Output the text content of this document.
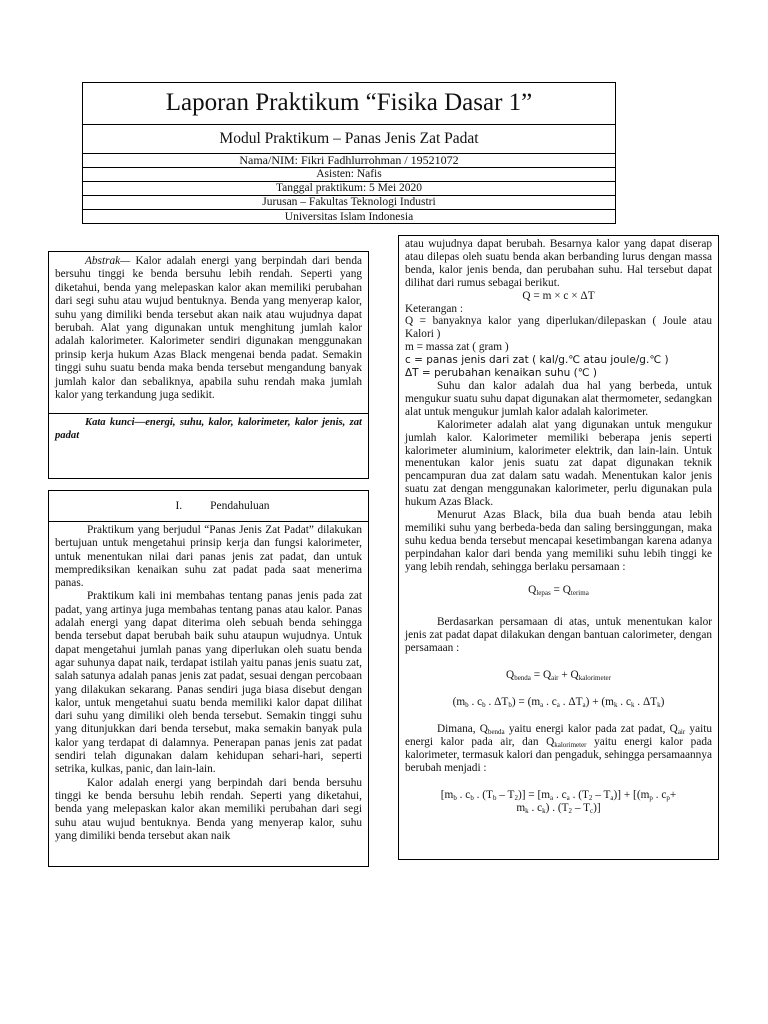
Laporan Praktikum “Fisika Dasar 1”
Modul Praktikum – Panas Jenis Zat Padat
Nama/NIM: Fikri Fadhlurrohman / 19521072
Asisten: Nafis
Tanggal praktikum: 5 Mei 2020
Jurusan – Fakultas Teknologi Industri
Universitas Islam Indonesia
Abstrak— Kalor adalah energi yang berpindah dari benda bersuhu tinggi ke benda bersuhu lebih rendah. Seperti yang diketahui, benda yang melepaskan kalor akan memiliki perubahan dari segi suhu atau wujud bentuknya. Benda yang menyerap kalor, suhu yang dimiliki benda tersebut akan naik atau wujudnya dapat berubah. Alat yang digunakan untuk menghitung jumlah kalor adalah kalorimeter. Kalorimeter sendiri digunakan menggunakan prinsip kerja hukum Azas Black mengenai benda padat. Semakin tinggi suhu suatu benda maka benda tersebut mengandung banyak jumlah kalor dan sebaliknya, apabila suhu rendah maka jumlah kalor yang terkandung juga sedikit.
Kata kunci—energi, suhu, kalor, kalorimeter, kalor jenis, zat padat
I. Pendahuluan

Praktikum yang berjudul “Panas Jenis Zat Padat” dilakukan bertujuan untuk mengetahui prinsip kerja dan fungsi kalorimeter, untuk menentukan nilai dari panas jenis zat padat, dan untuk memprediksikan kenaikan suhu zat padat pada saat menerima panas.

Praktikum kali ini membahas tentang panas jenis pada zat padat, yang artinya juga membahas tentang panas atau kalor. Panas adalah energi yang dapat diterima oleh sebuah benda sehingga benda tersebut dapat berubah baik suhu ataupun wujudnya. Untuk dapat mengetahui jumlah panas yang diperlukan oleh suatu benda agar suhunya dapat naik, terdapat istilah yaitu panas jenis suatu zat, salah satunya adalah panas jenis zat padat, sesuai dengan percobaan yang dilakukan sekarang. Panas sendiri juga biasa disebut dengan kalor, untuk mengetahui suatu benda memiliki kalor dapat dilihat dari suhu yang dimiliki oleh benda tersebut. Semakin tinggi suhu yang ditunjukkan dari benda tersebut, maka semakin banyak pula kalor yang terdapat di dalamnya. Penerapan panas jenis zat padat sendiri telah digunakan dalam kehidupan sehari-hari, seperti setrika, kulkas, panic, dan lain-lain.

Kalor adalah energi yang berpindah dari benda bersuhu tinggi ke benda bersuhu lebih rendah. Seperti yang diketahui, benda yang melepaskan kalor akan memiliki perubahan dari segi suhu atau wujud bentuknya. Benda yang menyerap kalor, suhu yang dimiliki benda tersebut akan naik

atau wujudnya dapat berubah. Besarnya kalor yang dapat diserap atau dilepas oleh suatu benda akan berbanding lurus dengan massa benda, kalor jenis benda, dan perubahan suhu. Hal tersebut dapat dilihat dari rumus sebagai berikut.

Q = m × c × ΔT

Keterangan :

Q = banyaknya kalor yang diperlukan/dilepaskan ( Joule atau Kalori )

m = massa zat ( gram )

c = panas jenis dari zat ( kal/g.℃ atau joule/g.℃ )

ΔT = perubahan kenaikan suhu (℃ )

Suhu dan kalor adalah dua hal yang berbeda, untuk mengukur suatu suhu dapat digunakan alat thermometer, sedangkan alat untuk mengukur jumlah kalor adalah kalorimeter.

Kalorimeter adalah alat yang digunakan untuk mengukur jumlah kalor. Kalorimeter memiliki beberapa jenis seperti kalorimeter aluminium, kalorimeter elektrik, dan lain-lain. Untuk menentukan kalor jenis suatu zat dapat digunakan teknik pencampuran dua zat dalam satu wadah. Menentukan kalor jenis suatu zat dengan menggunakan kalorimeter, perlu digunakan pula hukum Azas Black.

Menurut Azas Black, bila dua buah benda atau lebih memiliki suhu yang berbeda-beda dan saling bersinggungan, maka suhu kedua benda tersebut mencapai kesetimbangan karena adanya perpindahan kalor dari benda yang memiliki suhu lebih tinggi ke yang lebih rendah, sehingga berlaku persamaan :

$Q_{lepas} = Q_{terima}$

Berdasarkan persamaan di atas, untuk menentukan kalor jenis zat padat dapat dilakukan dengan bantuan calorimeter, dengan persamaan :

$Q_{benda} = Q_{air} + Q_{kalorimeter}$

($m_b$ . $c_b$ . $\Delta T_b) = (m_a$ . $c_a$ . $\Delta T_a) + (m_k$ . $c_k$ . $\Delta T_k$)

Dimana, $Q_{benda}$ yaitu energi kalor pada zat padat, $Q_{air}$ yaitu energi kalor pada air, dan $Q_{kalorimeter}$ yaitu energi kalor pada kalorimeter, termasuk kalori dan pengaduk, sehingga persamaannya berubah menjadi :

[$m_b$ . $c_b$ . $(T_b - T_2)] = [m_a$ . $c_a$ . $(T_2 - T_a)] + [(m_p$ . $c_p+$
$m_k$ . $c_k$) . $(T_2 - T_c)$]
